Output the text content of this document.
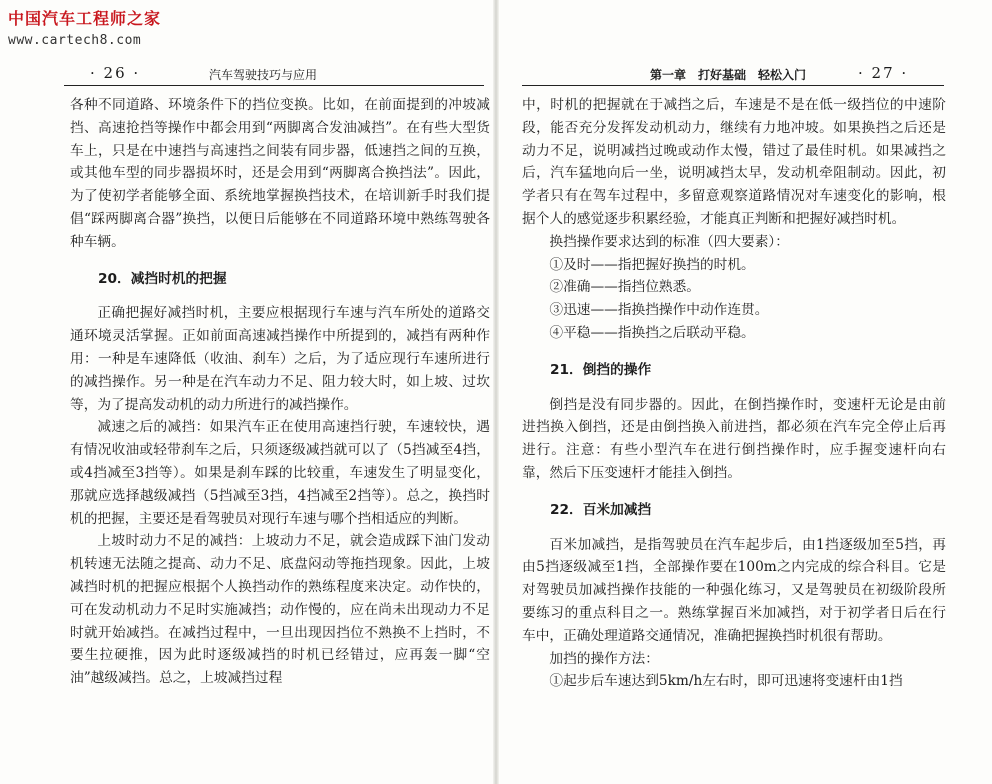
中国汽车工程师之家
www.cartech8.com
· 26 ·	汽车驾驶技巧与应用

各种不同道路、环境条件下的挡位变换。比如，在前面提到的冲坡减挡、高速抢挡等操作中都会用到“两脚离合发油减挡”。在有些大型货车上，只是在中速挡与高速挡之间装有同步器，低速挡之间的互换，或其他车型的同步器损坏时，还是会用到“两脚离合换挡法”。因此，为了使初学者能够全面、系统地掌握换挡技术，在培训新手时我们提倡“踩两脚离合器”换挡，以便日后能够在不同道路环境中熟练驾驶各种车辆。

20．减挡时机的把握

正确把握好减挡时机，主要应根据现行车速与汽车所处的道路交通环境灵活掌握。正如前面高速减挡操作中所提到的，减挡有两种作用：一种是车速降低（收油、刹车）之后，为了适应现行车速所进行的减挡操作。另一种是在汽车动力不足、阻力较大时，如上坡、过坎等，为了提高发动机的动力所进行的减挡操作。

减速之后的减挡：如果汽车正在使用高速挡行驶，车速较快，遇有情况收油或轻带刹车之后，只须逐级减挡就可以了（5挡减至4挡，或4挡减至3挡等）。如果是刹车踩的比较重，车速发生了明显变化，那就应选择越级减挡（5挡减至3挡，4挡减至2挡等）。总之，换挡时机的把握，主要还是看驾驶员对现行车速与哪个挡相适应的判断。

上坡时动力不足的减挡：上坡动力不足，就会造成踩下油门发动机转速无法随之提高、动力不足、底盘闷动等拖挡现象。因此，上坡减挡时机的把握应根据个人换挡动作的熟练程度来决定。动作快的，可在发动机动力不足时实施减挡；动作慢的，应在尚未出现动力不足时就开始减挡。在减挡过程中，一旦出现因挡位不熟换不上挡时，不要生拉硬推，因为此时逐级减挡的时机已经错过，应再轰一脚“空油”越级减挡。总之，上坡减挡过程

第一章　打好基础　轻松入门	· 27 ·

中，时机的把握就在于减挡之后，车速是不是在低一级挡位的中速阶段，能否充分发挥发动机动力，继续有力地冲坡。如果换挡之后还是动力不足，说明减挡过晚或动作太慢，错过了最佳时机。如果减挡之后，汽车猛地向后一坐，说明减挡太早，发动机牵阻制动。因此，初学者只有在驾车过程中，多留意观察道路情况对车速变化的影响，根据个人的感觉逐步积累经验，才能真正判断和把握好减挡时机。

换挡操作要求达到的标准（四大要素）：

①及时——指把握好换挡的时机。

②准确——指挡位熟悉。

③迅速——指换挡操作中动作连贯。

④平稳——指换挡之后联动平稳。

21．倒挡的操作

倒挡是没有同步器的。因此，在倒挡操作时，变速杆无论是由前进挡换入倒挡，还是由倒挡换入前进挡，都必须在汽车完全停止后再进行。注意：有些小型汽车在进行倒挡操作时，应手握变速杆向右靠，然后下压变速杆才能挂入倒挡。

22．百米加减挡

百米加减挡，是指驾驶员在汽车起步后，由1挡逐级加至5挡，再由5挡逐级减至1挡，全部操作要在100m之内完成的综合科目。它是对驾驶员加减挡操作技能的一种强化练习，又是驾驶员在初级阶段所要练习的重点科目之一。熟练掌握百米加减挡，对于初学者日后在行车中，正确处理道路交通情况，准确把握换挡时机很有帮助。

加挡的操作方法：

①起步后车速达到5km/h左右时，即可迅速将变速杆由1挡
